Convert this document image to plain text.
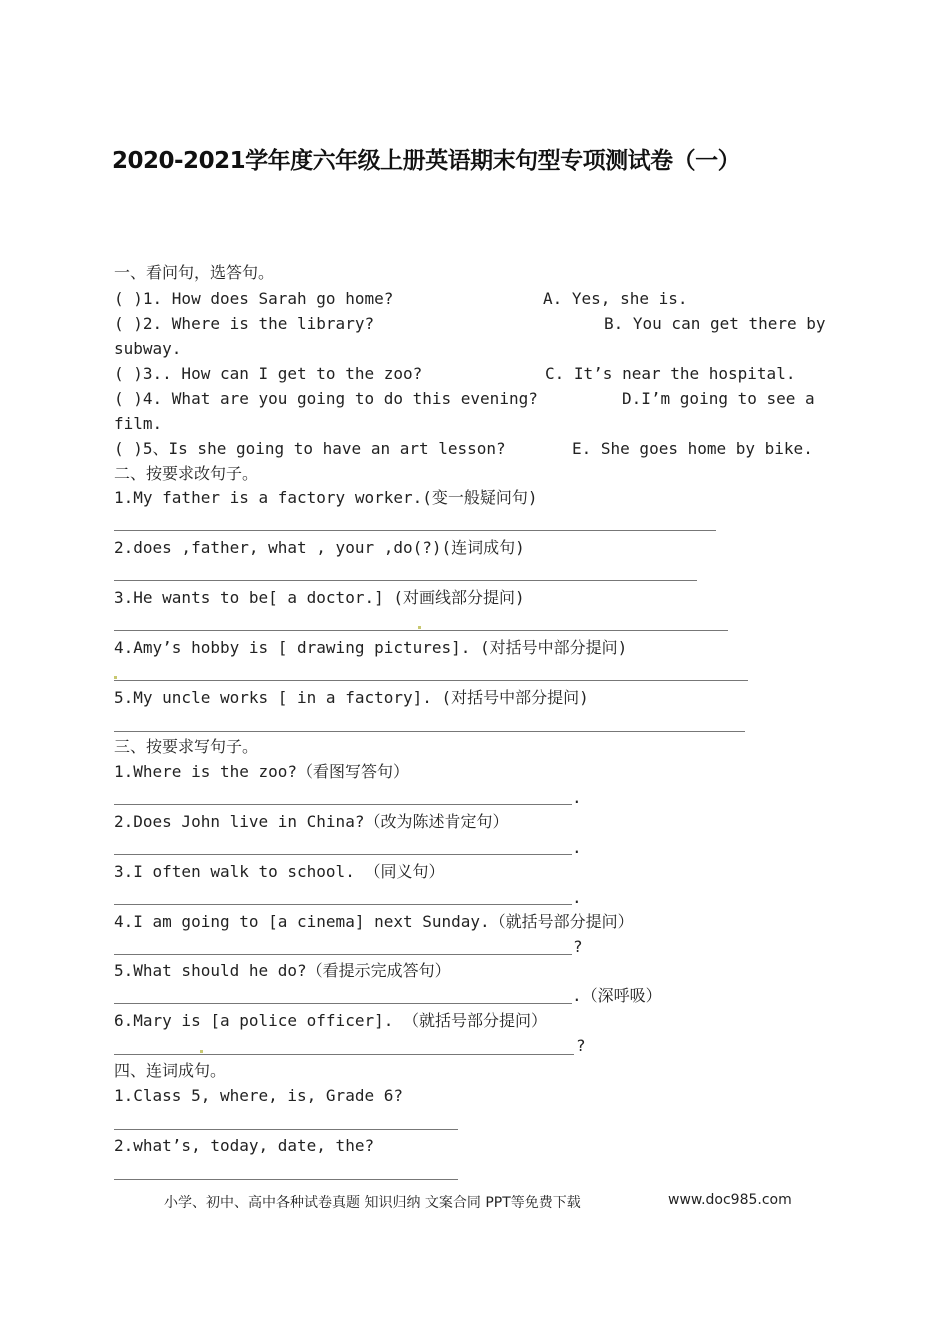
2020-2021学年度六年级上册英语期末句型专项测试卷（一）
一、看问句，选答句。
( )1. How does Sarah go home?	A. Yes, she is.
( )2. Where is the library?	B. You can get there by
subway.
( )3.. How can I get to the zoo?	C. It’s near the hospital.
( )4. What are you going to do this evening?	D.I’m going to see a
film.
( )5、Is she going to have an art lesson?	E. She goes home by bike.
二、按要求改句子。
1.My father is a factory worker.(变一般疑问句)
2.does ,father, what , your ,do(?)(连词成句)
3.He wants to be[ a doctor.] (对画线部分提问)
4.Amy’s hobby is [ drawing pictures]. (对括号中部分提问)
5.My uncle works [ in a factory]. (对括号中部分提问)
三、按要求写句子。
1.Where is the zoo?（看图写答句）
.
2.Does John live in China?（改为陈述肯定句）
.
3.I often walk to school. （同义句）
.
4.I am going to [a cinema] next Sunday.（就括号部分提问）
?
5.What should he do?（看提示完成答句）
.（深呼吸）
6.Mary is [a police officer]. （就括号部分提问）
?
四、连词成句。
1.Class 5, where, is, Grade 6?
2.what’s, today, date, the?
小学、初中、高中各种试卷真题 知识归纳 文案合同 PPT等免费下载	www.doc985.com
